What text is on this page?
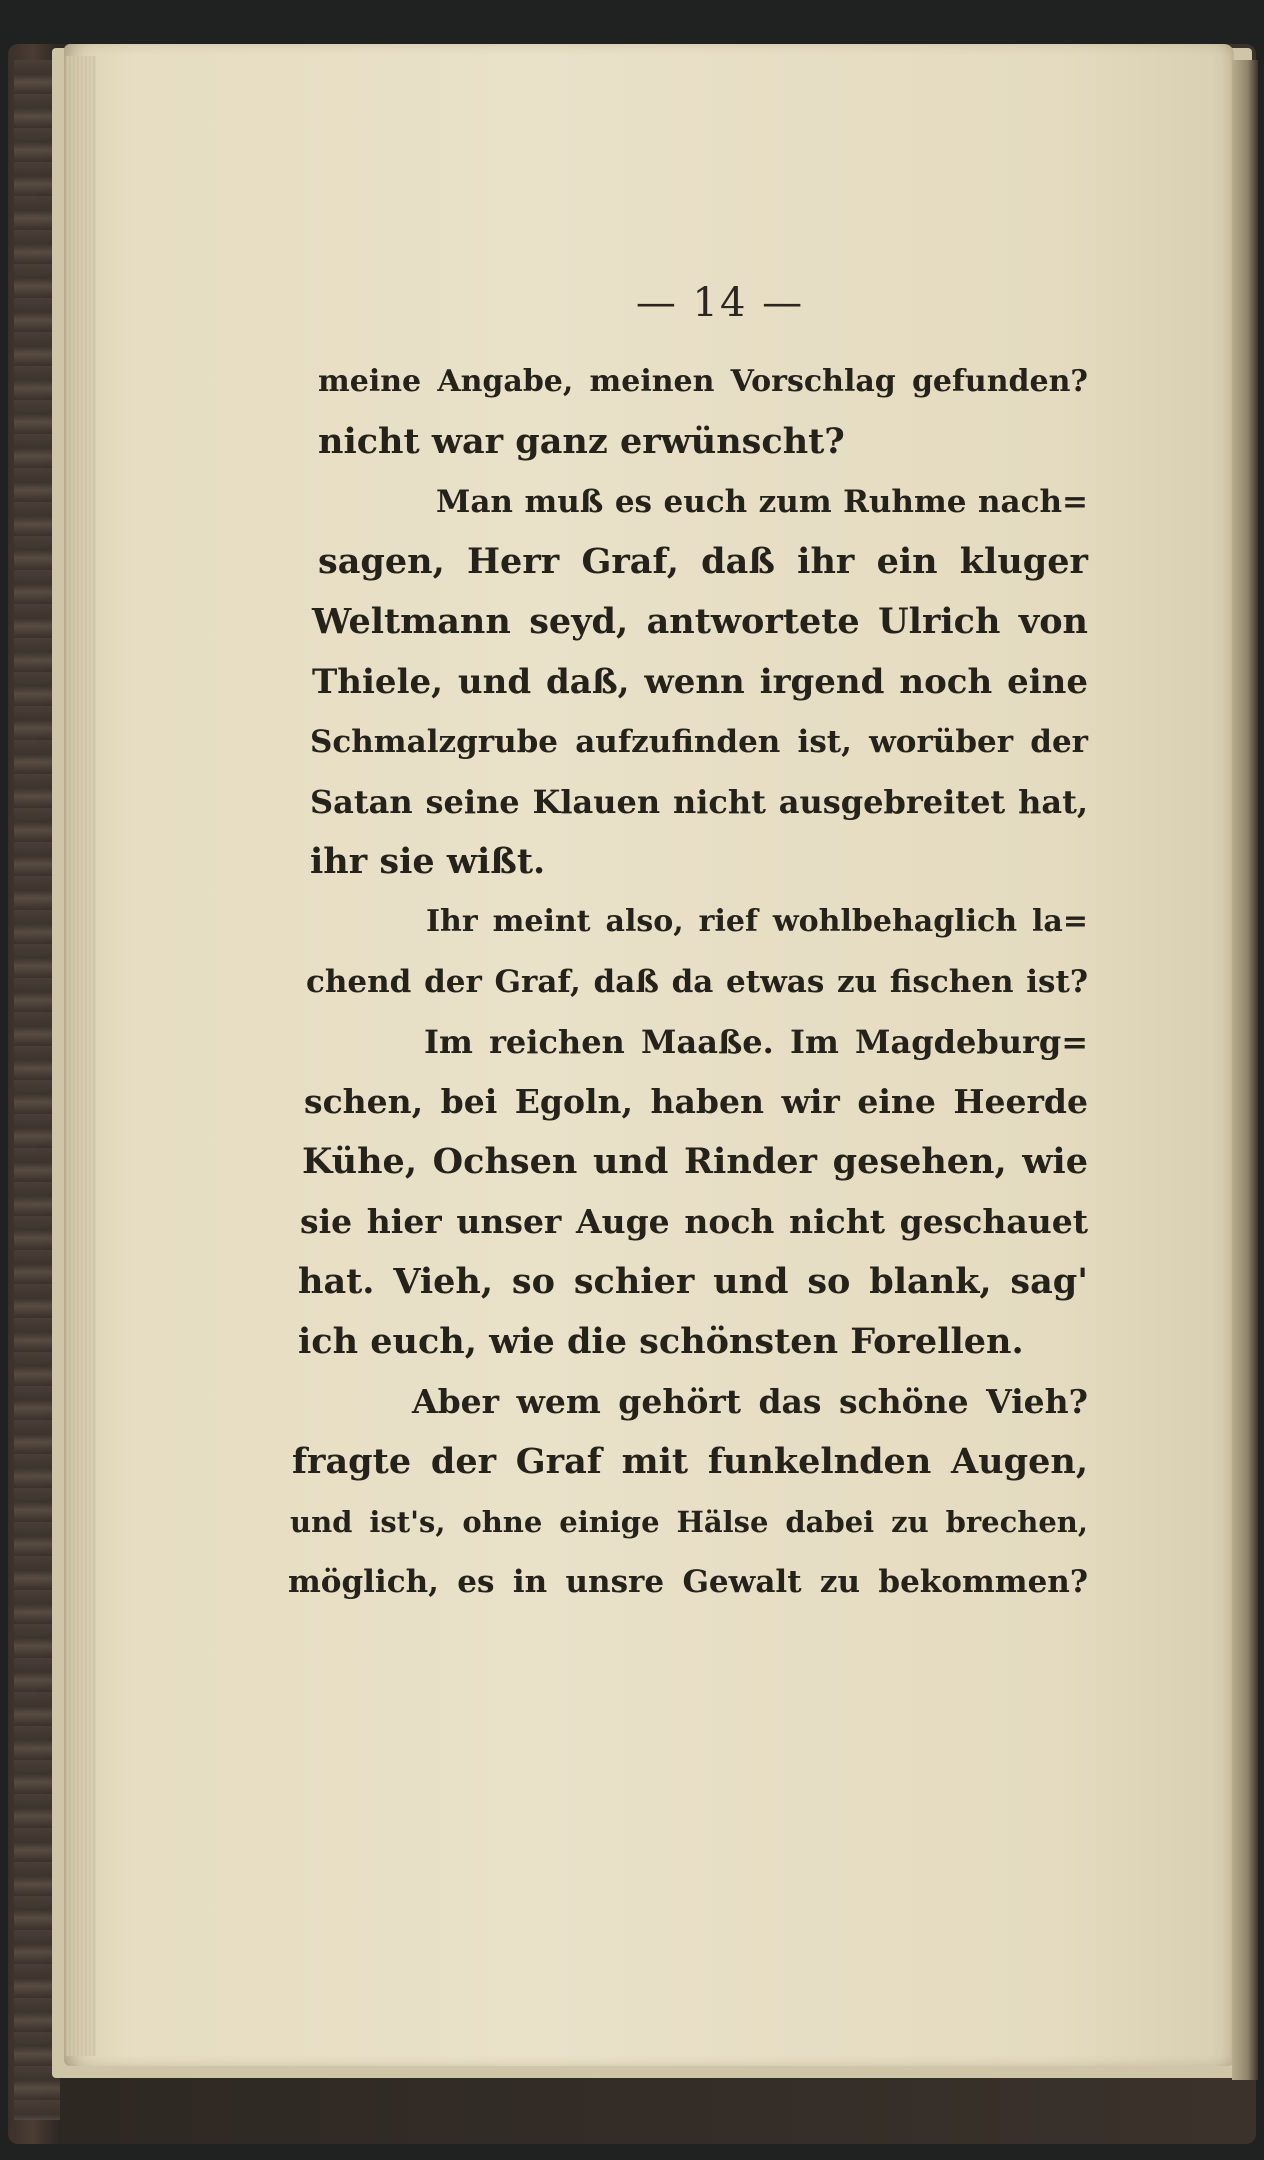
— 14 —
meine Angabe, meinen Vorschlag gefunden?
nicht war ganz erwünscht?
Man muß es euch zum Ruhme nach=
sagen, Herr Graf, daß ihr ein kluger
Weltmann seyd, antwortete Ulrich von
Thiele, und daß, wenn irgend noch eine
Schmalzgrube aufzufinden ist, worüber der
Satan seine Klauen nicht ausgebreitet hat,
ihr sie wißt.
Ihr meint also, rief wohlbehaglich la=
chend der Graf, daß da etwas zu fischen ist?
Im reichen Maaße. Im Magdeburg=
schen, bei Egoln, haben wir eine Heerde
Kühe, Ochsen und Rinder gesehen, wie
sie hier unser Auge noch nicht geschauet
hat. Vieh, so schier und so blank, sag'
ich euch, wie die schönsten Forellen.
Aber wem gehört das schöne Vieh?
fragte der Graf mit funkelnden Augen,
und ist's, ohne einige Hälse dabei zu brechen,
möglich, es in unsre Gewalt zu bekommen?
